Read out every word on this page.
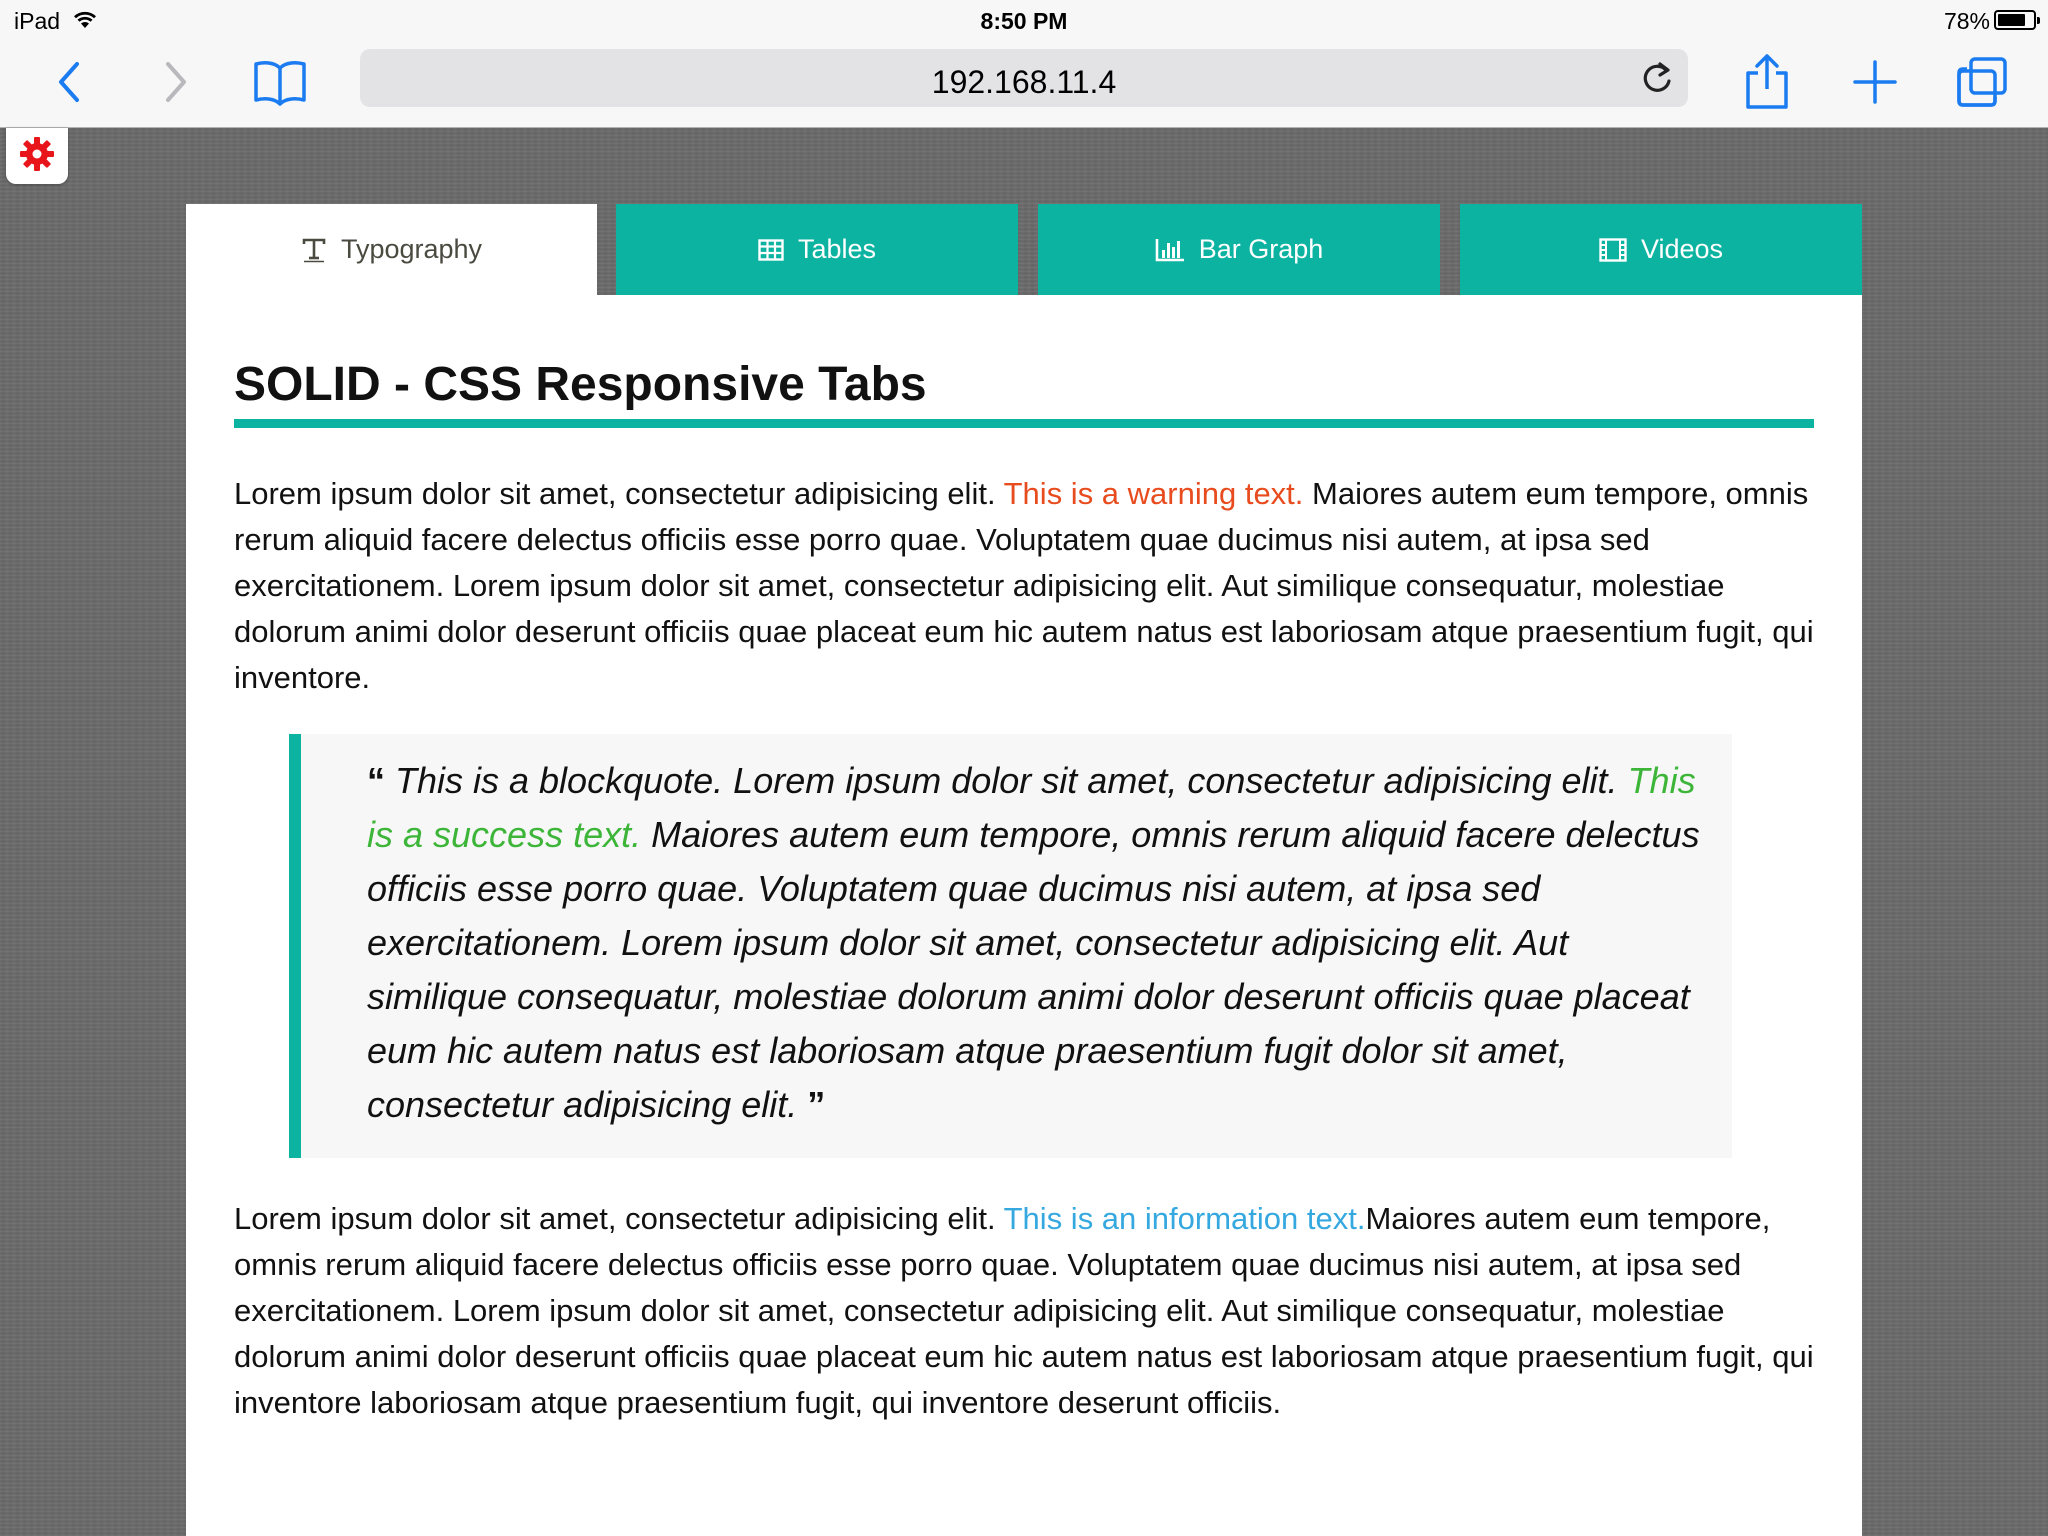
iPad	8:50 PM	78%
192.168.11.4
Typography	Tables	Bar Graph	Videos
SOLID - CSS Responsive Tabs

Lorem ipsum dolor sit amet, consectetur adipisicing elit. This is a warning text. Maiores autem eum tempore, omnis rerum aliquid facere delectus officiis esse porro quae. Voluptatem quae ducimus nisi autem, at ipsa sed exercitationem. Lorem ipsum dolor sit amet, consectetur adipisicing elit. Aut similique consequatur, molestiae dolorum animi dolor deserunt officiis quae placeat eum hic autem natus est laboriosam atque praesentium fugit, qui inventore.

“ This is a blockquote. Lorem ipsum dolor sit amet, consectetur adipisicing elit. This is a success text. Maiores autem eum tempore, omnis rerum aliquid facere delectus officiis esse porro quae. Voluptatem quae ducimus nisi autem, at ipsa sed exercitationem. Lorem ipsum dolor sit amet, consectetur adipisicing elit. Aut similique consequatur, molestiae dolorum animi dolor deserunt officiis quae placeat eum hic autem natus est laboriosam atque praesentium fugit dolor sit amet, consectetur adipisicing elit. ”

Lorem ipsum dolor sit amet, consectetur adipisicing elit. This is an information text.Maiores autem eum tempore, omnis rerum aliquid facere delectus officiis esse porro quae. Voluptatem quae ducimus nisi autem, at ipsa sed exercitationem. Lorem ipsum dolor sit amet, consectetur adipisicing elit. Aut similique consequatur, molestiae dolorum animi dolor deserunt officiis quae placeat eum hic autem natus est laboriosam atque praesentium fugit, qui inventore laboriosam atque praesentium fugit, qui inventore deserunt officiis.
